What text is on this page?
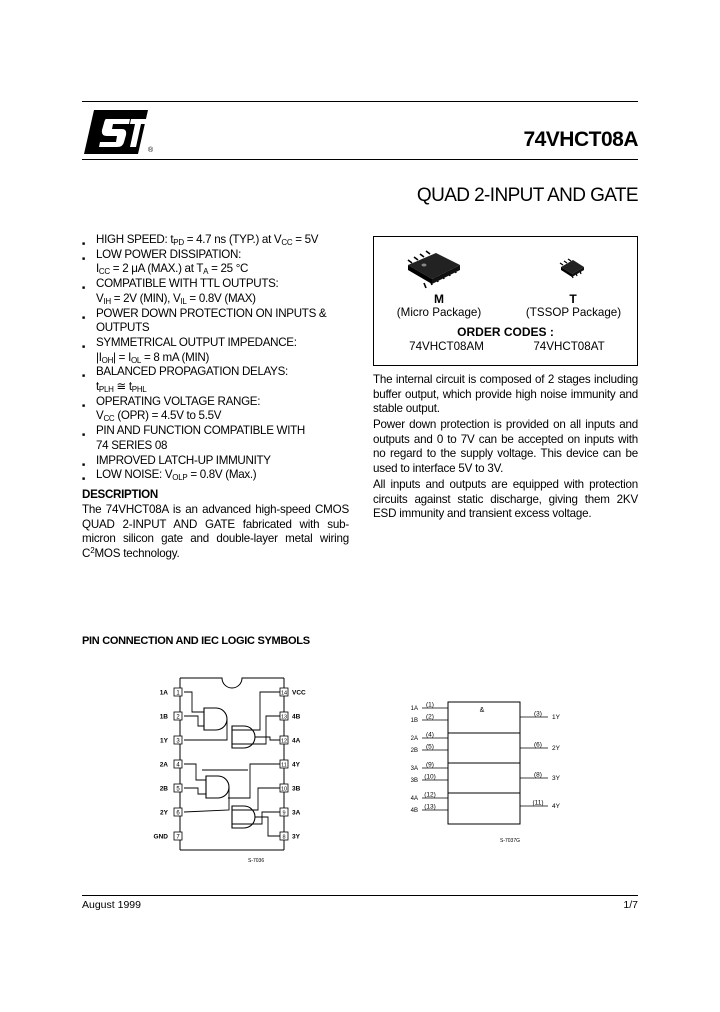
®	74VHCT08A
QUAD 2-INPUT AND GATE
■ HIGH SPEED: $t_{PD} = 4.7$ ns (TYP.) at $V_{CC} = 5V$
■ LOW POWER DISSIPATION:
$I_{CC} = 2$ μA (MAX.) at $T_A = 25$ °C
■ COMPATIBLE WITH TTL OUTPUTS:
$V_{IH} = 2V$ (MIN), $V_{IL} = 0.8V$ (MAX)
■ POWER DOWN PROTECTION ON INPUTS &
OUTPUTS
■ SYMMETRICAL OUTPUT IMPEDANCE:
$|I_{OH}| = I_{OL} = 8$ mA (MIN)
■ BALANCED PROPAGATION DELAYS:
$t_{PLH}$ ≅ $t_{PHL}$
■ OPERATING VOLTAGE RANGE:
$V_{CC}$ (OPR) = 4.5V to 5.5V
■ PIN AND FUNCTION COMPATIBLE WITH
74 SERIES 08
■ IMPROVED LATCH-UP IMMUNITY
■ LOW NOISE: $V_{OLP} = 0.8V$ (Max.)
DESCRIPTION
The 74VHCT08A is an advanced high-speed CMOS QUAD 2-INPUT AND GATE fabricated with sub-micron silicon gate and double-layer metal wiring $C^2MOS$ technology.
M
(Micro Package)
T
(TSSOP Package)
ORDER CODES :
74VHCT08AM	74VHCT08AT
The internal circuit is composed of 2 stages including buffer output, which provide high noise immunity and stable output.
Power down protection is provided on all inputs and outputs and 0 to 7V can be accepted on inputs with no regard to the supply voltage. This device can be used to interface 5V to 3V.
All inputs and outputs are equipped with protection circuits against static discharge, giving them 2KV ESD immunity and transient excess voltage.
PIN CONNECTION AND IEC LOGIC SYMBOLS
1
1A
2
1B
3
1Y
4
2A
5
2B
6
2Y
7
GND
14 VCC
13 4B
12 4A
11 4Y
10 3B
9 3A
8 3Y
S-7036
&
1A
(1)
1B
(2)
2A
(4)
2B
(5)
3A
(9)
3B
(10)
4A
(12)
4B
(13)
(3) 1Y
(6) 2Y
(8) 3Y
(11) 4Y
S-7037G
August 1999	1/7
